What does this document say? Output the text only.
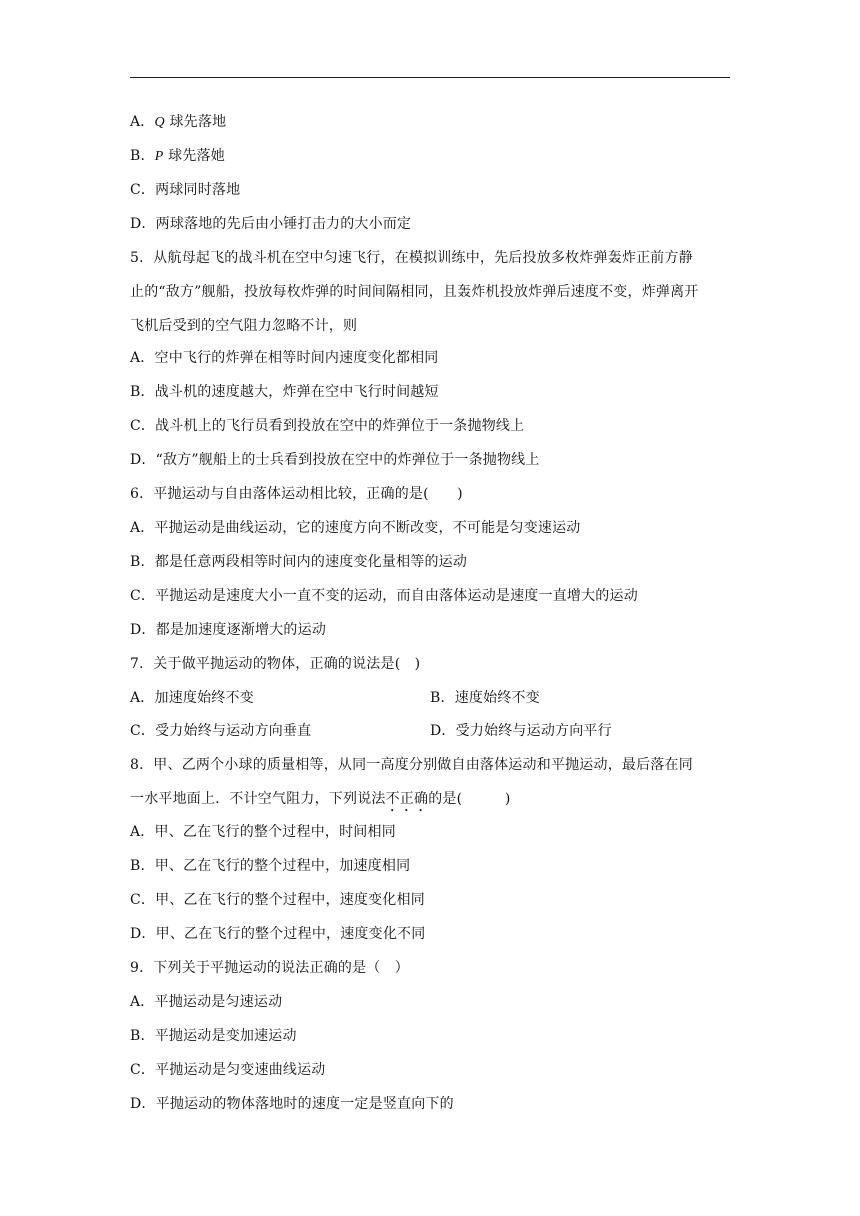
A．Q 球先落地
B．P 球先落她
C．两球同时落地
D．两球落地的先后由小锤打击力的大小而定
5．从航母起飞的战斗机在空中匀速飞行，在模拟训练中，先后投放多枚炸弹轰炸正前方静
止的“敌方”舰船，投放每枚炸弹的时间间隔相同，且轰炸机投放炸弹后速度不变，炸弹离开
飞机后受到的空气阻力忽略不计，则
A．空中飞行的炸弹在相等时间内速度变化都相同
B．战斗机的速度越大，炸弹在空中飞行时间越短
C．战斗机上的飞行员看到投放在空中的炸弹位于一条抛物线上
D．“敌方”舰船上的士兵看到投放在空中的炸弹位于一条抛物线上
6．平抛运动与自由落体运动相比较，正确的是(　　)
A．平抛运动是曲线运动，它的速度方向不断改变，不可能是匀变速运动
B．都是任意两段相等时间内的速度变化量相等的运动
C．平抛运动是速度大小一直不变的运动，而自由落体运动是速度一直增大的运动
D．都是加速度逐渐增大的运动
7．关于做平抛运动的物体，正确的说法是(　)
A．加速度始终不变	B．速度始终不变
C．受力始终与运动方向垂直	D．受力始终与运动方向平行
8．甲、乙两个小球的质量相等，从同一高度分别做自由落体运动和平抛运动，最后落在同
一水平地面上．不计空气阻力，下列说法不正确的是(　　　)
A．甲、乙在飞行的整个过程中，时间相同
B．甲、乙在飞行的整个过程中，加速度相同
C．甲、乙在飞行的整个过程中，速度变化相同
D．甲、乙在飞行的整个过程中，速度变化不同
9．下列关于平抛运动的说法正确的是（　）
A．平抛运动是匀速运动
B．平抛运动是变加速运动
C．平抛运动是匀变速曲线运动
D．平抛运动的物体落地时的速度一定是竖直向下的
